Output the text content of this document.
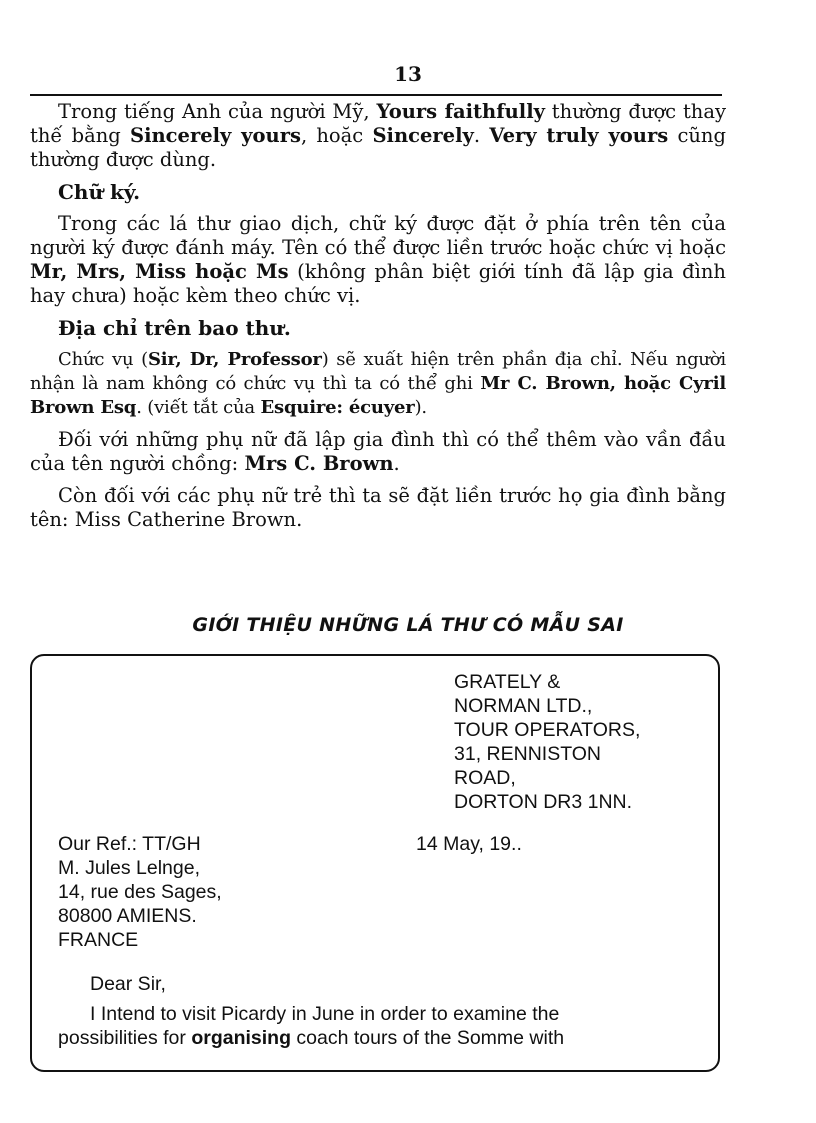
13

Trong tiếng Anh của người Mỹ, Yours faithfully thường được thay thế bằng Sincerely yours, hoặc Sincerely. Very truly yours cũng thường được dùng.

Chữ ký.

Trong các lá thư giao dịch, chữ ký được đặt ở phía trên tên của người ký được đánh máy. Tên có thể được liền trước hoặc chức vị hoặc Mr, Mrs, Miss hoặc Ms (không phân biệt giới tính đã lập gia đình hay chưa) hoặc kèm theo chức vị.

Địa chỉ trên bao thư.

Chức vụ (Sir, Dr, Professor) sẽ xuất hiện trên phần địa chỉ. Nếu người nhận là nam không có chức vụ thì ta có thể ghi Mr C. Brown, hoặc Cyril Brown Esq. (viết tắt của Esquire: écuyer).

Đối với những phụ nữ đã lập gia đình thì có thể thêm vào vần đầu của tên người chồng: Mrs C. Brown.

Còn đối với các phụ nữ trẻ thì ta sẽ đặt liền trước họ gia đình bằng tên: Miss Catherine Brown.

GIỚI THIỆU NHỮNG LÁ THƯ CÓ MẪU SAI
GRATELY &
NORMAN LTD.,
TOUR OPERATORS,
31, RENNISTON
ROAD,
DORTON DR3 1NN.
Our Ref.: TT/GH
M. Jules Lelnge,
14, rue des Sages,
80800 AMIENS.
FRANCE
14 May, 19..
Dear Sir,
I Intend to visit Picardy in June in order to examine the
possibilities for organising coach tours of the Somme with
